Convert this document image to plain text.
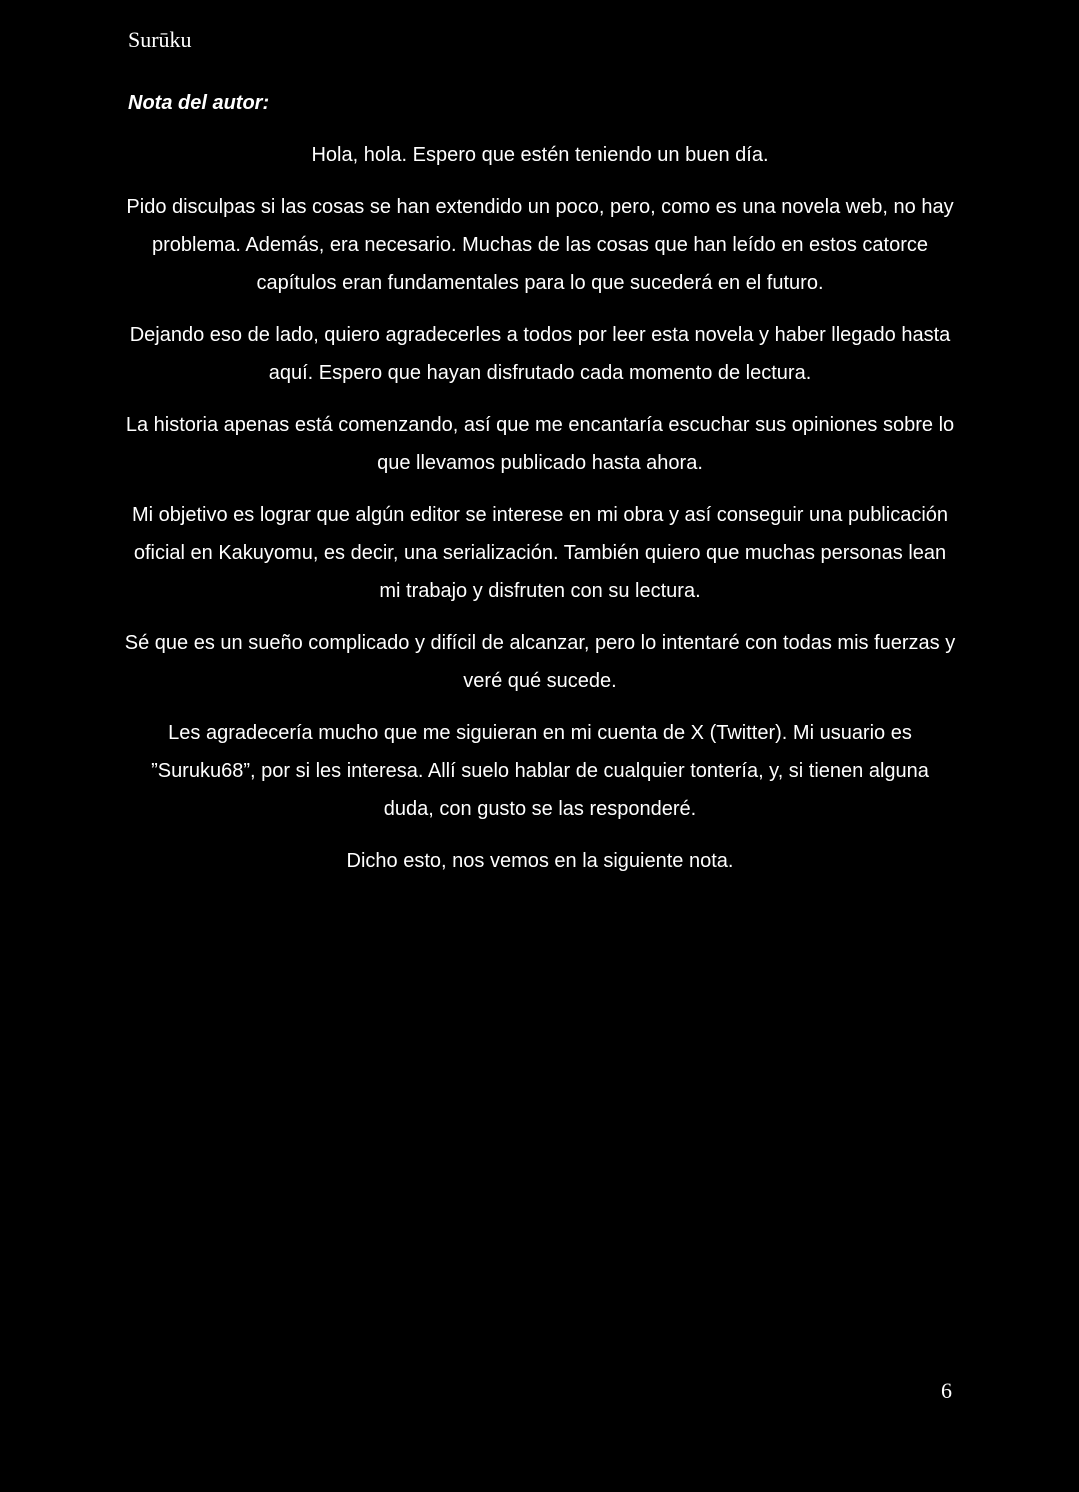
Surūku
Nota del autor:

Hola, hola. Espero que estén teniendo un buen día.

Pido disculpas si las cosas se han extendido un poco, pero, como es una novela web, no hay problema. Además, era necesario. Muchas de las cosas que han leído en estos catorce capítulos eran fundamentales para lo que sucederá en el futuro.

Dejando eso de lado, quiero agradecerles a todos por leer esta novela y haber llegado hasta aquí. Espero que hayan disfrutado cada momento de lectura.

La historia apenas está comenzando, así que me encantaría escuchar sus opiniones sobre lo que llevamos publicado hasta ahora.

Mi objetivo es lograr que algún editor se interese en mi obra y así conseguir una publicación oficial en Kakuyomu, es decir, una serialización. También quiero que muchas personas lean mi trabajo y disfruten con su lectura.

Sé que es un sueño complicado y difícil de alcanzar, pero lo intentaré con todas mis fuerzas y veré qué sucede.

Les agradecería mucho que me siguieran en mi cuenta de X (Twitter). Mi usuario es ”Suruku68”, por si les interesa. Allí suelo hablar de cualquier tontería, y, si tienen alguna duda, con gusto se las responderé.

Dicho esto, nos vemos en la siguiente nota.

6
